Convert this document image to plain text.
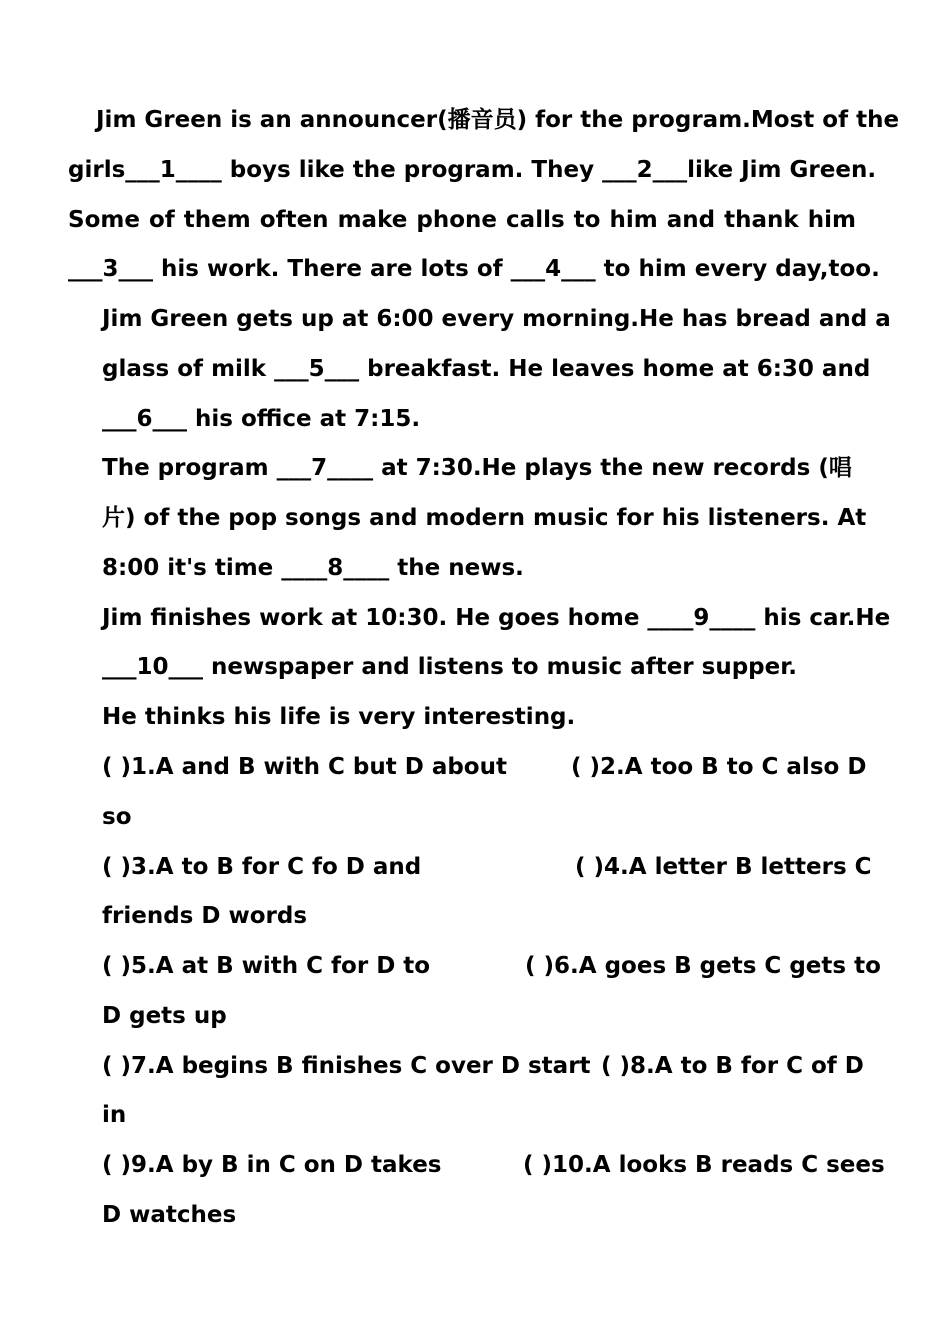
Jim Green is an announcer(播音员) for the program.Most of the
girls___1____ boys like the program. They ___2___like Jim Green.
Some of them often make phone calls to him and thank him
___3___ his work. There are lots of ___4___ to him every day,too.
Jim Green gets up at 6:00 every morning.He has bread and a
glass of milk ___5___ breakfast. He leaves home at 6:30 and
___6___ his office at 7:15.
The program ___7____ at 7:30.He plays the new records (唱
片) of the pop songs and modern music for his listeners. At
8:00 it's time ____8____ the news.
Jim finishes work at 10:30. He goes home ____9____ his car.He
___10___ newspaper and listens to music after supper.
He thinks his life is very interesting.
( )1.A and B with C but D about	( )2.A too B to C also D
so
( )3.A to B for C fo D and	( )4.A letter B letters C
friends D words
( )5.A at B with C for D to	( )6.A goes B gets C gets to
D gets up
( )7.A begins B finishes C over D start ( )8.A to B for C of D
in
( )9.A by B in C on D takes	( )10.A looks B reads C sees
D watches
